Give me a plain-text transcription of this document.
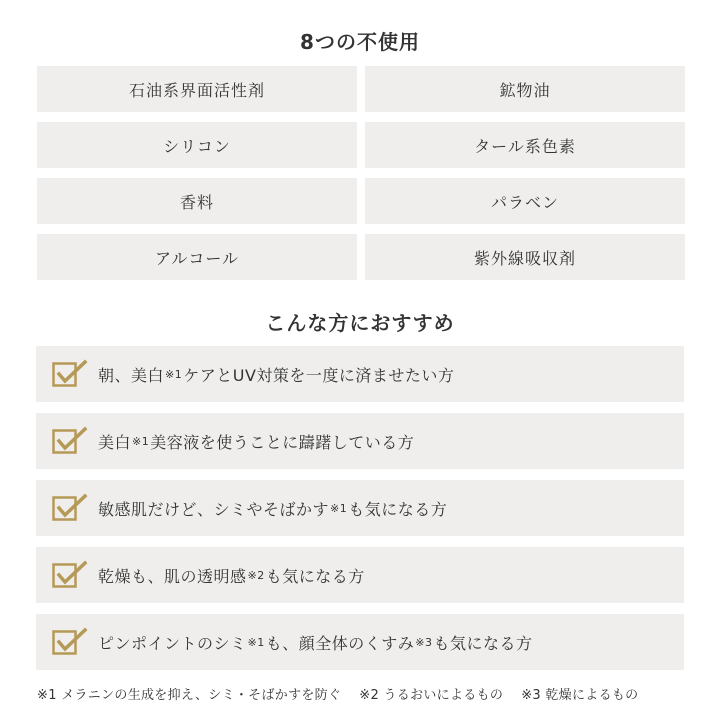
8つの不使用
石油系界面活性剤	鉱物油
シリコン	タール系色素
香料	パラベン
アルコール	紫外線吸収剤
こんな方におすすめ
朝、美白 ※1 ケアとUV対策を一度に済ませたい方
美白 ※1 美容液を使うことに躊躇している方
敏感肌だけど、シミやそばかす ※1 も気になる方
乾燥も、肌の透明感 ※2 も気になる方
ピンポイントのシミ ※1 も、顔全体のくすみ ※3 も気になる方
※1 メラニンの生成を抑え、シミ・そばかすを防ぐ ※2 うるおいによるもの ※3 乾燥によるもの
